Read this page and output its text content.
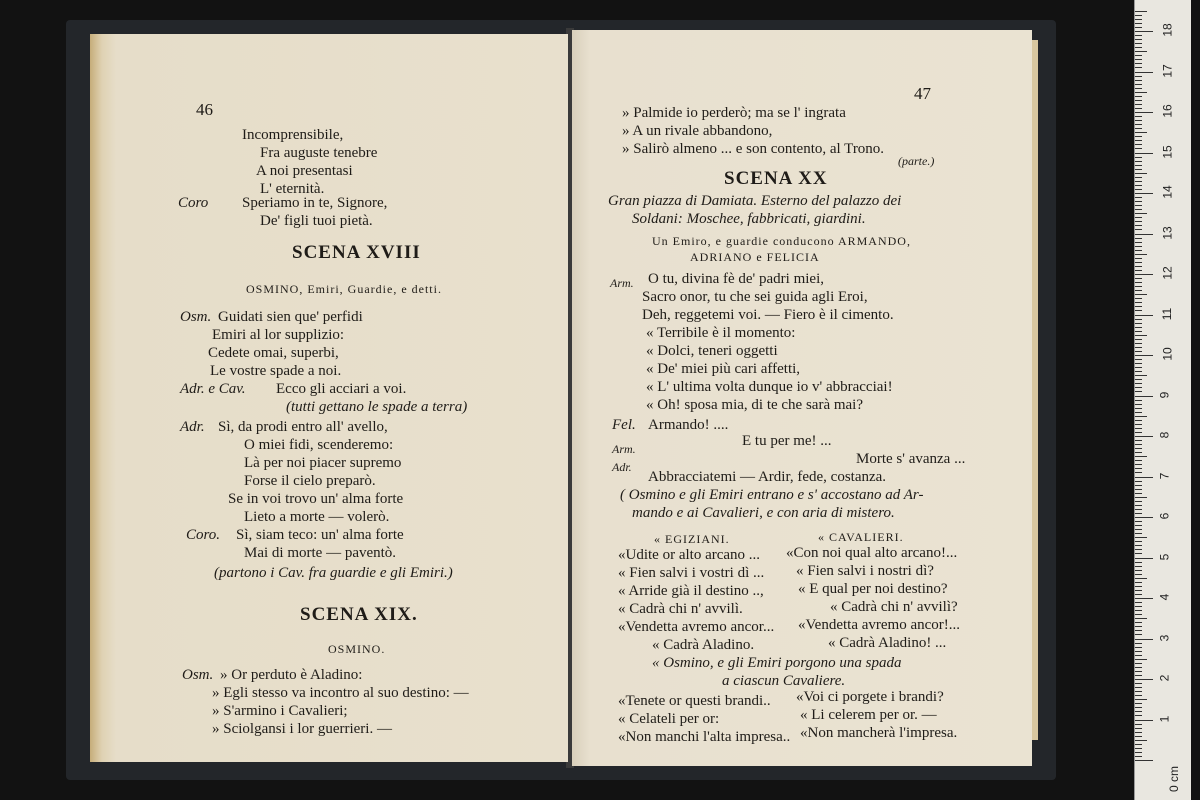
46
Incomprensibile,
Fra auguste tenebre
A noi presentasi
L' eternità.
Coro Speriamo in te, Signore,
De' figli tuoi pietà.
SCENA XVIII
OSMINO, Emiri, Guardie, e detti.
Osm. Guidati sien que' perfidi
Emiri al lor supplizio:
Cedete omai, superbi,
Le vostre spade a noi.
Adr. e Cav. Ecco gli acciari a voi.
(tutti gettano le spade a terra)
Adr. Sì, da prodi entro all' avello,
O miei fidi, scenderemo:
Là per noi piacer supremo
Forse il cielo preparò.
Se in voi trovo un' alma forte
Lieto a morte — volerò.
Coro. Sì, siam teco: un' alma forte
Mai di morte — paventò.
(partono i Cav. fra guardie e gli Emiri.)
SCENA XIX.
OSMINO.
Osm. » Or perduto è Aladino:
» Egli stesso va incontro al suo destino: —
» S'armino i Cavalieri;
» Sciolgansi i lor guerrieri. —
47
» Palmide io perderò; ma se l' ingrata
» A un rivale abbandono,
» Salirò almeno ... e son contento, al Trono.
(parte.)
SCENA XX
Gran piazza di Damiata. Esterno del palazzo dei
Soldani: Moschee, fabbricati, giardini.
Un Emiro, e guardie conducono ARMANDO,
ADRIANO e FELICIA
Arm. O tu, divina fè de' padri miei,
Sacro onor, tu che sei guida agli Eroi,
Deh, reggetemi voi. — Fiero è il cimento.
« Terribile è il momento:
« Dolci, teneri oggetti
« De' miei più cari affetti,
« L' ultima volta dunque io v' abbracciai!
« Oh! sposa mia, di te che sarà mai?
Fel. Armando! ....
E tu per me! ...
Arm.
Morte s' avanza ...
Adr.
Abbracciatemi — Ardir, fede, costanza.
( Osmino e gli Emiri entrano e s' accostano ad Ar-
mando e ai Cavalieri, e con aria di mistero.
« EGIZIANI.	« CAVALIERI.
«Udite or alto arcano ... «Con noi qual alto arcano!...
« Fien salvi i vostri dì ... « Fien salvi i nostri dì?
« Arride già il destino .., « E qual per noi destino?
« Cadrà chi n' avvilì.	« Cadrà chi n' avvilì?
«Vendetta avremo ancor... «Vendetta avremo ancor!...
« Cadrà Aladino.	« Cadrà Aladino! ...
« Osmino, e gli Emiri porgono una spada
a ciascun Cavaliere.
«Tenete or questi brandi.. «Voi ci porgete i brandi?
« Celateli per or:	« Li celerem per or. —
«Non manchi l'alta impresa.. «Non mancherà l'impresa.
1
2
3
4
5
6
7
8
9
10
11
12
13
14
15
16
17
18
0 cm
